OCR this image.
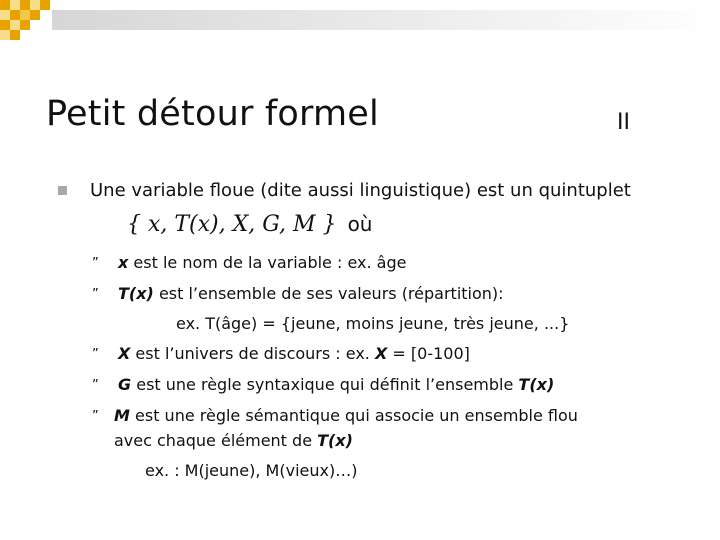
Petit détour formel	II
Une variable floue (dite aussi linguistique) est un quintuplet
{ x, T(x), X, G, M } où
” x est le nom de la variable : ex. âge
” T(x) est l’ensemble de ses valeurs (répartition):
ex. T(âge) = {jeune, moins jeune, très jeune, ...}
” X est l’univers de discours : ex. X = [0-100]
” G est une règle syntaxique qui définit l’ensemble T(x)
” M est une règle sémantique qui associe un ensemble flou
avec chaque élément de T(x)
ex. : M(jeune), M(vieux)…)
